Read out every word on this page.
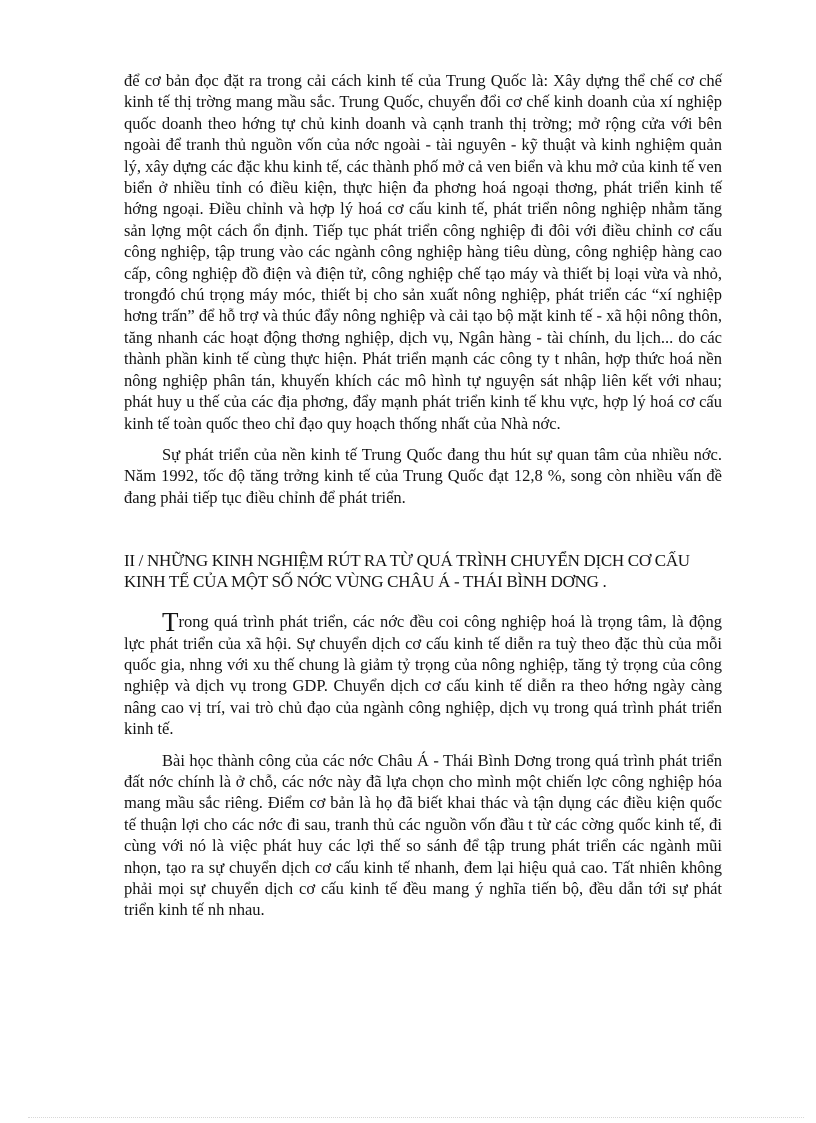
để cơ bản đọc đặt ra trong cải cách kinh tế của Trung Quốc là: Xây dựng thể chế cơ chế kinh tế thị trờng mang mầu sắc. Trung Quốc, chuyển đổi cơ chế kinh doanh của xí nghiệp quốc doanh theo hớng tự chủ kinh doanh và cạnh tranh thị trờng; mở rộng cửa với bên ngoài để tranh thủ nguồn vốn của nớc ngoài - tài nguyên - kỹ thuật và kinh nghiệm quản lý, xây dựng các đặc khu kinh tế, các thành phố mở cả ven biển và khu mở của kinh tế ven biển ở nhiều tỉnh có điều kiện, thực hiện đa phơng hoá ngoại thơng, phát triển kinh tế hớng ngoại. Điều chỉnh và hợp lý hoá cơ cấu kinh tế, phát triển nông nghiệp nhằm tăng sản lợng một cách ổn định. Tiếp tục phát triển công nghiệp đi đôi với điều chỉnh cơ cấu công nghiệp, tập trung vào các ngành công nghiệp hàng tiêu dùng, công nghiệp hàng cao cấp, công nghiệp đồ điện và điện tử, công nghiệp chế tạo máy và thiết bị loại vừa và nhỏ, trongđó chú trọng máy móc, thiết bị cho sản xuất nông nghiệp, phát triển các “xí nghiệp hơng trấn” để hỗ trợ và thúc đẩy nông nghiệp và cải tạo bộ mặt kinh tế - xã hội nông thôn, tăng nhanh các hoạt động thơng nghiệp, dịch vụ, Ngân hàng - tài chính, du lịch... do các thành phần kinh tế cùng thực hiện. Phát triển mạnh các công ty t nhân, hợp thức hoá nền nông nghiệp phân tán, khuyến khích các mô hình tự nguyện sát nhập liên kết với nhau; phát huy u thế của các địa phơng, đẩy mạnh phát triển kinh tế khu vực, hợp lý hoá cơ cấu kinh tế toàn quốc theo chỉ đạo quy hoạch thống nhất của Nhà nớc.

Sự phát triển của nền kinh tế Trung Quốc đang thu hút sự quan tâm của nhiều nớc. Năm 1992, tốc độ tăng trởng kinh tế của Trung Quốc đạt 12,8 %, song còn nhiều vấn đề đang phải tiếp tục điều chỉnh để phát triển.

II / NHỮNG KINH NGHIỆM RÚT RA TỪ QUÁ TRÌNH CHUYỂN DỊCH CƠ CẤU KINH TẾ CỦA MỘT SỐ NỚC VÙNG CHÂU Á - THÁI BÌNH DƠNG .

Trong quá trình phát triển, các nớc đều coi công nghiệp hoá là trọng tâm, là động lực phát triển của xã hội. Sự chuyển dịch cơ cấu kinh tế diễn ra tuỳ theo đặc thù của mỗi quốc gia, nhng với xu thế chung là giảm tỷ trọng của nông nghiệp, tăng tỷ trọng của công nghiệp và dịch vụ trong GDP. Chuyển dịch cơ cấu kinh tế diễn ra theo hớng ngày càng nâng cao vị trí, vai trò chủ đạo của ngành công nghiệp, dịch vụ trong quá trình phát triển kinh tế.

Bài học thành công của các nớc Châu Á - Thái Bình Dơng trong quá trình phát triển đất nớc chính là ở chỗ, các nớc này đã lựa chọn cho mình một chiến lợc công nghiệp hóa mang mầu sắc riêng. Điểm cơ bản là họ đã biết khai thác và tận dụng các điều kiện quốc tế thuận lợi cho các nớc đi sau, tranh thủ các nguồn vốn đầu t từ các cờng quốc kinh tế, đi cùng với nó là việc phát huy các lợi thế so sánh để tập trung phát triển các ngành mũi nhọn, tạo ra sự chuyển dịch cơ cấu kinh tế nhanh, đem lại hiệu quả cao. Tất nhiên không phải mọi sự chuyển dịch cơ cấu kinh tế đều mang ý nghĩa tiến bộ, đều dẫn tới sự phát triển kinh tế nh nhau.
